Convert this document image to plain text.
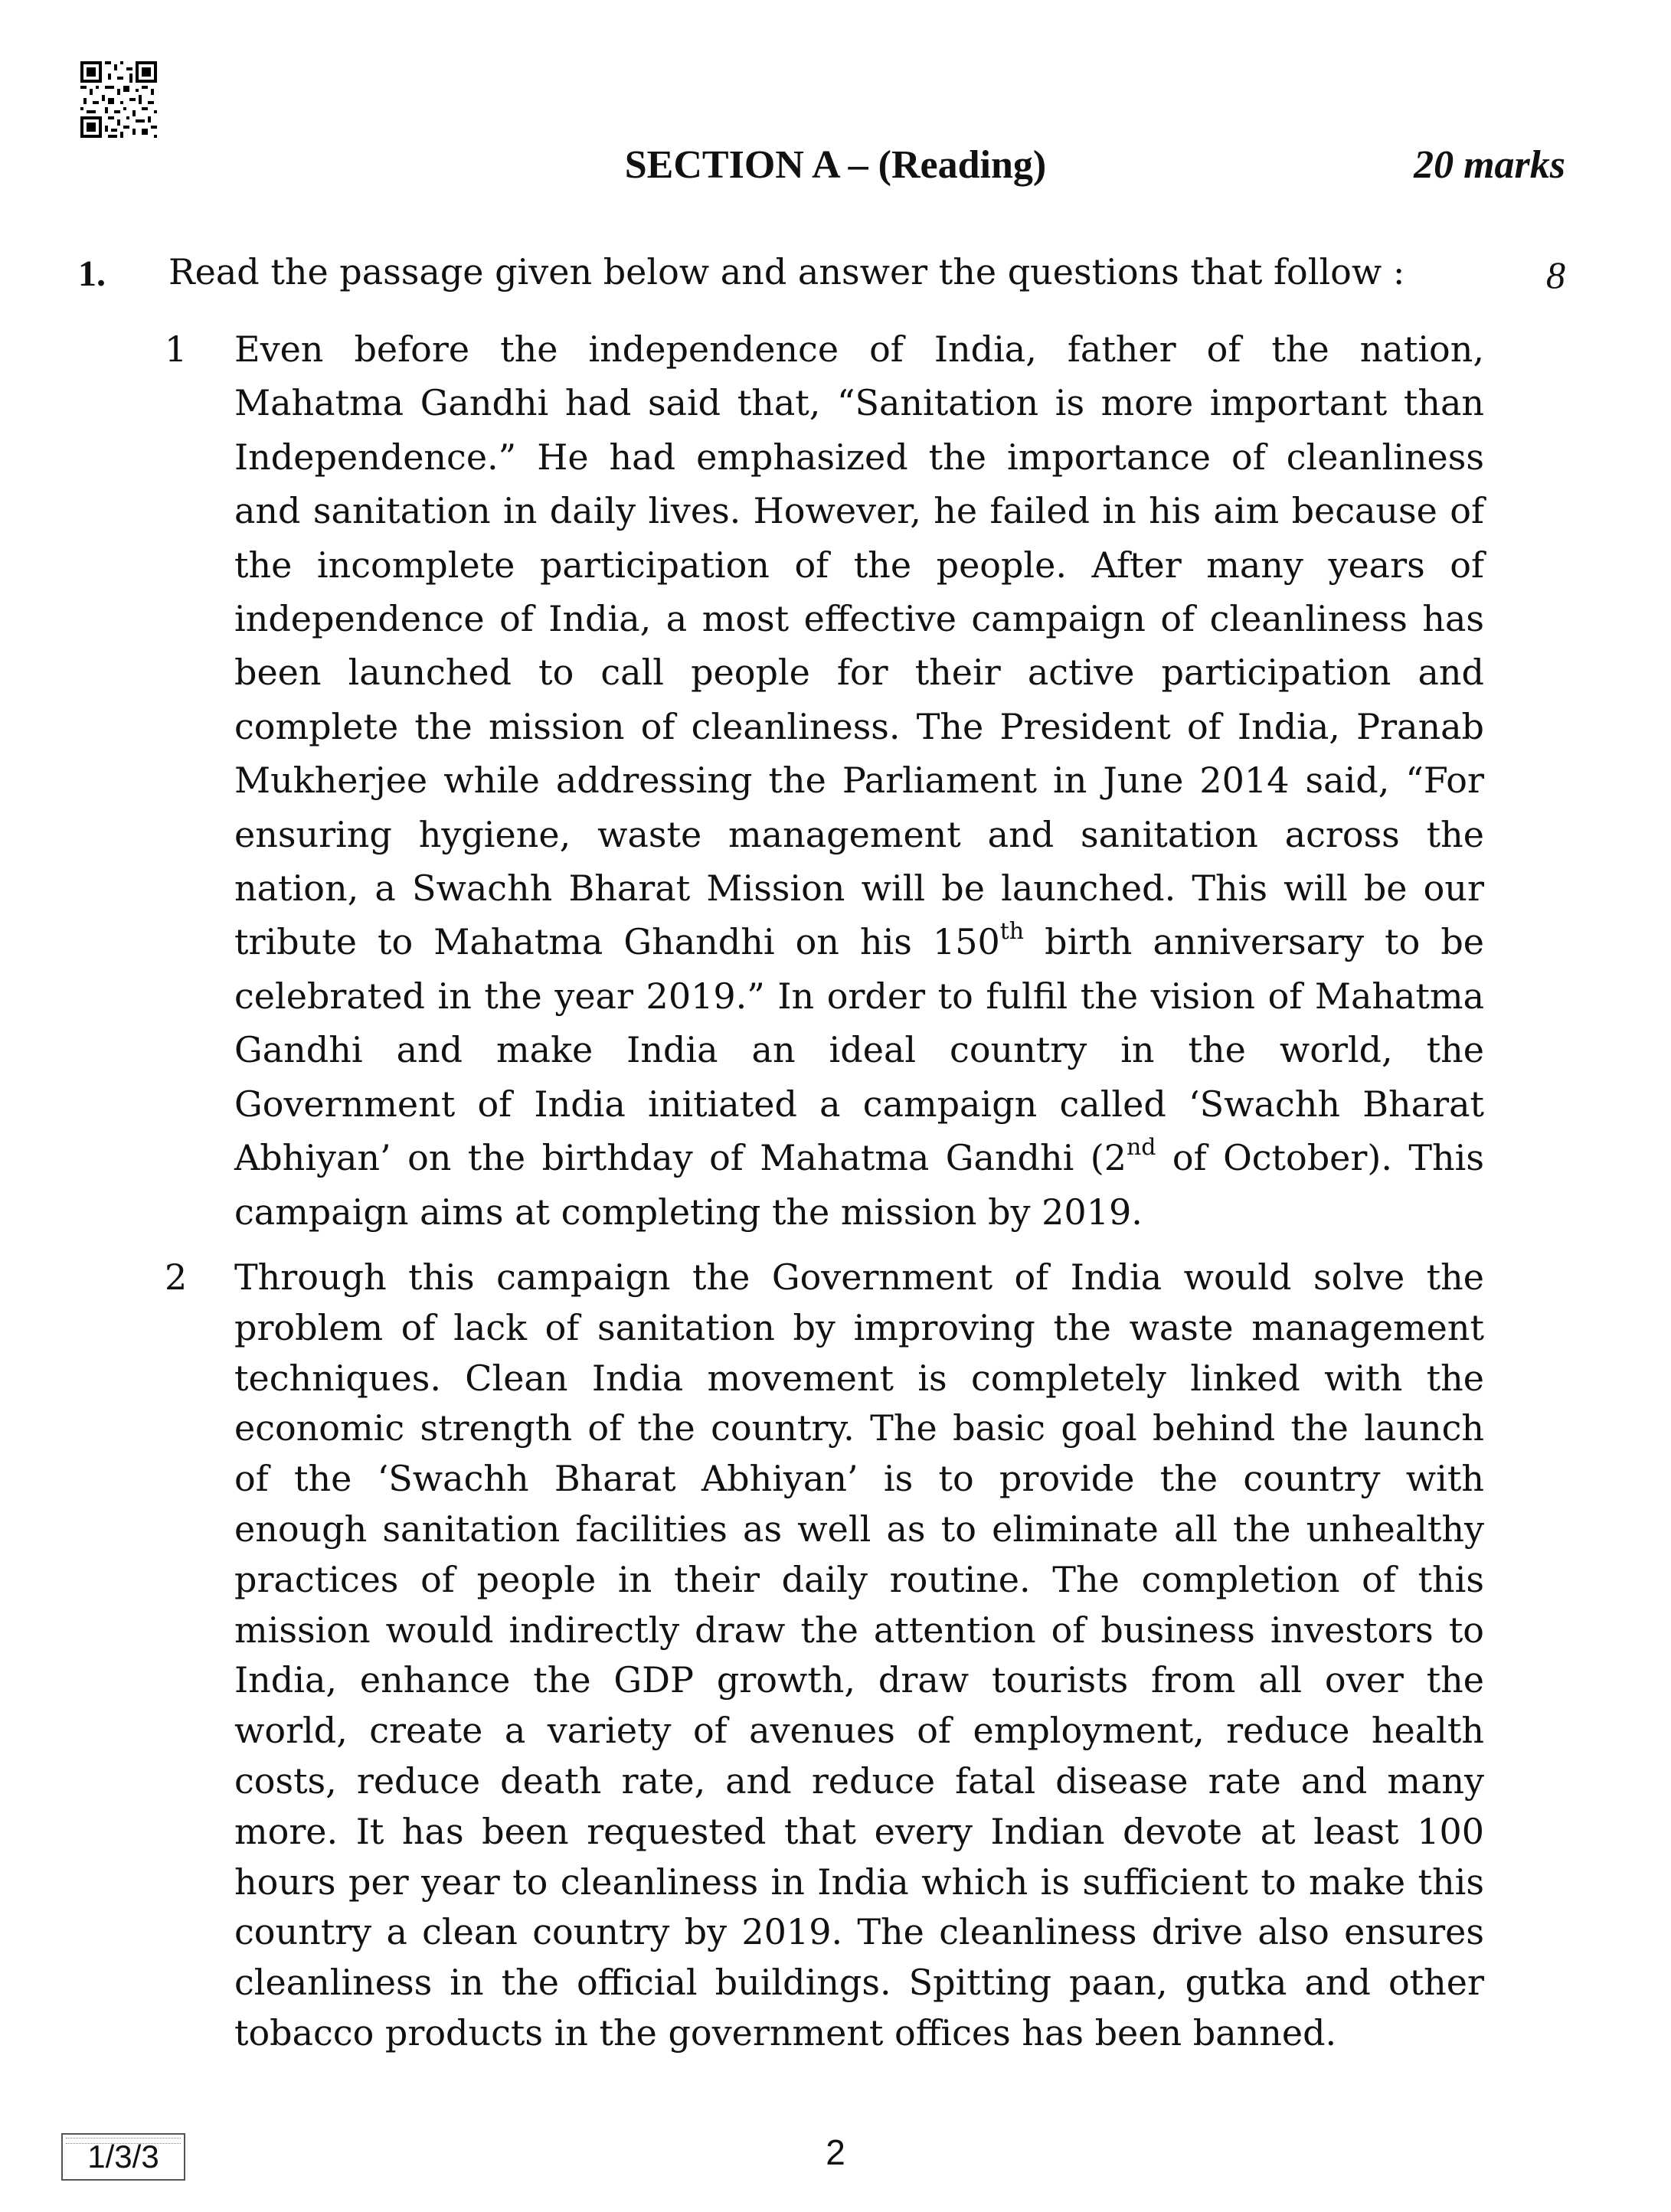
SECTION A – (Reading)	20 marks
1. Read the passage given below and answer the questions that follow :	8
1 Even before the independence of India, father of the nation, Mahatma Gandhi had said that, “Sanitation is more important than Independence.” He had emphasized the importance of cleanliness and sanitation in daily lives. However, he failed in his aim because of the incomplete participation of the people. After many years of independence of India, a most effective campaign of cleanliness has been launched to call people for their active participation and complete the mission of cleanliness. The President of India, Pranab Mukherjee while addressing the Parliament in June 2014 said, “For ensuring hygiene, waste management and sanitation across the nation, a Swachh Bharat Mission will be launched. This will be our tribute to Mahatma Ghandhi on his 150th birth anniversary to be celebrated in the year 2019.” In order to fulfil the vision of Mahatma Gandhi and make India an ideal country in the world, the Government of India initiated a campaign called ‘Swachh Bharat Abhiyan’ on the birthday of Mahatma Gandhi (2nd of October). This campaign aims at completing the mission by 2019.
2 Through this campaign the Government of India would solve the problem of lack of sanitation by improving the waste management techniques. Clean India movement is completely linked with the economic strength of the country. The basic goal behind the launch of the ‘Swachh Bharat Abhiyan’ is to provide the country with enough sanitation facilities as well as to eliminate all the unhealthy practices of people in their daily routine. The completion of this mission would indirectly draw the attention of business investors to India, enhance the GDP growth, draw tourists from all over the world, create a variety of avenues of employment, reduce health costs, reduce death rate, and reduce fatal disease rate and many more. It has been requested that every Indian devote at least 100 hours per year to cleanliness in India which is sufficient to make this country a clean country by 2019. The cleanliness drive also ensures cleanliness in the official buildings. Spitting paan, gutka and other tobacco products in the government offices has been banned.
1/3/3	2
